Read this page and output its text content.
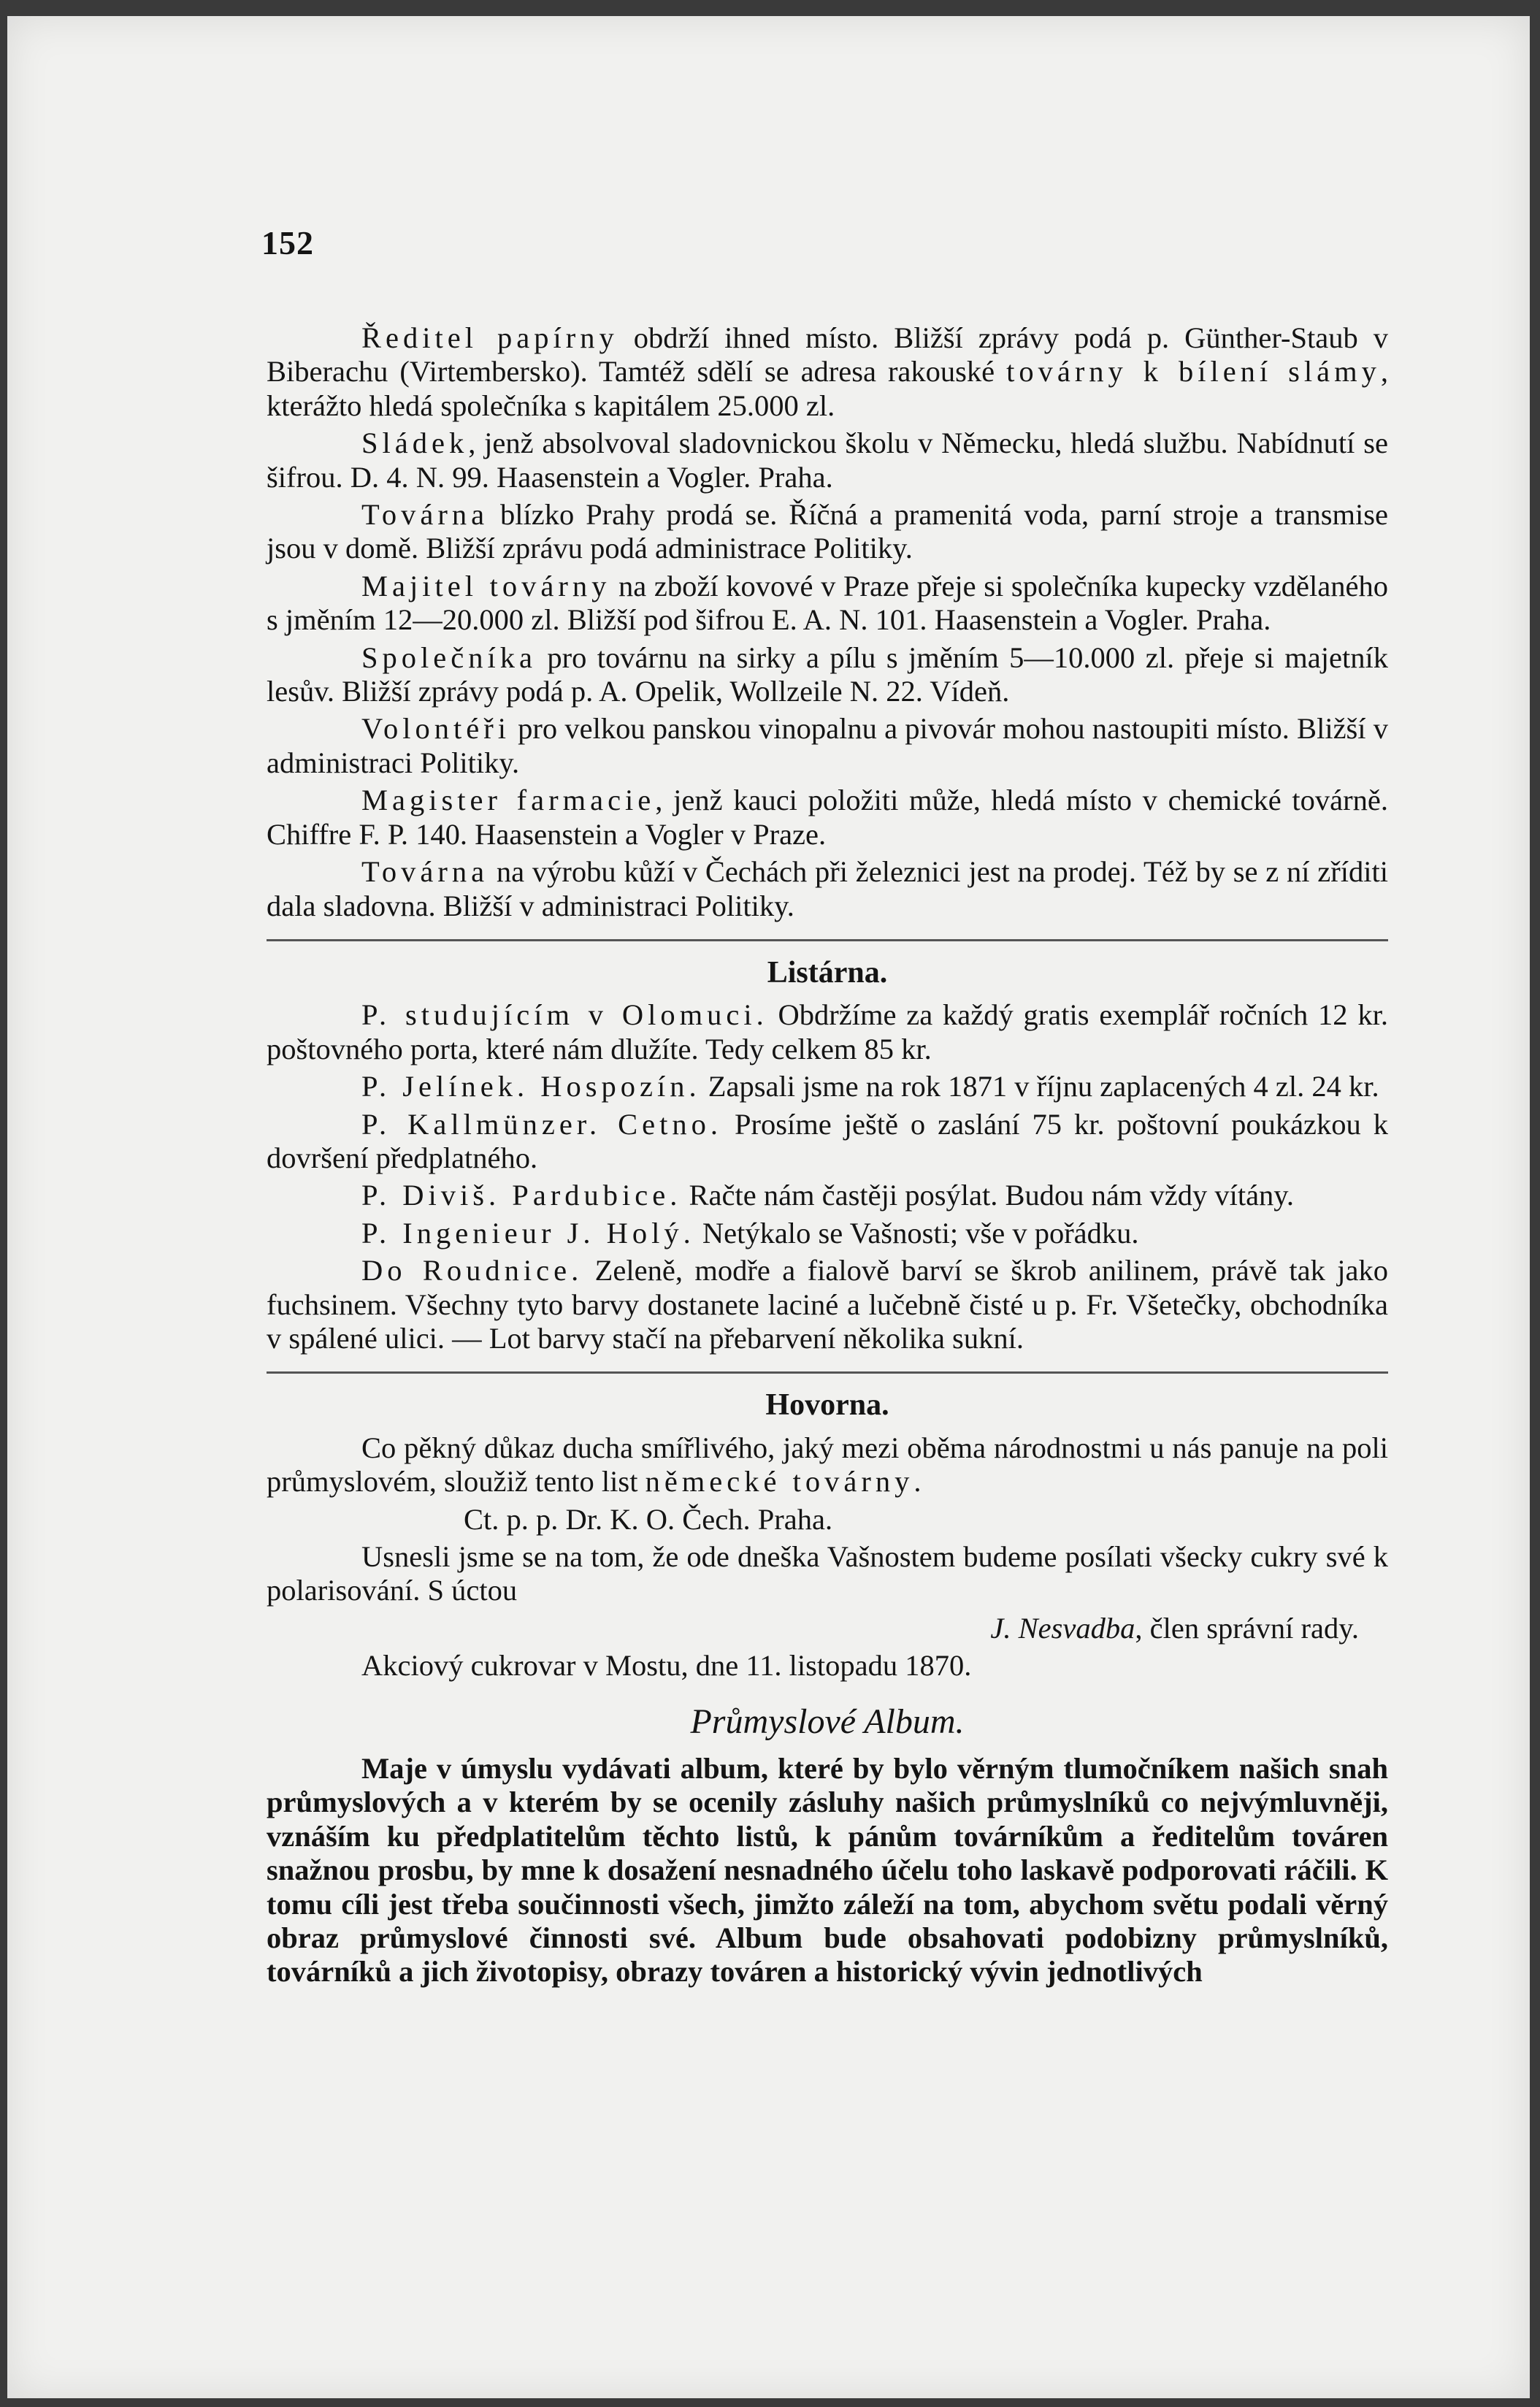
152

Ředitel papírny obdrží ihned místo. Bližší zprávy podá p. Günther-Staub v Biberachu (Virtembersko). Tamtéž sdělí se adresa rakouské továrny k bílení slámy, kterážto hledá společníka s kapitálem 25.000 zl.

Sládek, jenž absolvoval sladovnickou školu v Německu, hledá službu. Nabídnutí se šifrou. D. 4. N. 99. Haasenstein a Vogler. Praha.

Továrna blízko Prahy prodá se. Říčná a pramenitá voda, parní stroje a transmise jsou v domě. Bližší zprávu podá administrace Politiky.

Majitel továrny na zboží kovové v Praze přeje si společníka kupecky vzdělaného s jměním 12—20.000 zl. Bližší pod šifrou E. A. N. 101. Haasenstein a Vogler. Praha.

Společníka pro továrnu na sirky a pílu s jměním 5—10.000 zl. přeje si majetník lesův. Bližší zprávy podá p. A. Opelik, Wollzeile N. 22. Vídeň.

Volontéři pro velkou panskou vinopalnu a pivovár mohou nastoupiti místo. Bližší v administraci Politiky.

Magister farmacie, jenž kauci položiti může, hledá místo v chemické továrně. Chiffre F. P. 140. Haasenstein a Vogler v Praze.

Továrna na výrobu kůží v Čechách při železnici jest na prodej. Též by se z ní zříditi dala sladovna. Bližší v administraci Politiky.

Listárna.

P. studujícím v Olomuci. Obdržíme za každý gratis exemplář ročních 12 kr. poštovného porta, které nám dlužíte. Tedy celkem 85 kr.

P. Jelínek. Hospozín. Zapsali jsme na rok 1871 v říjnu zaplacených 4 zl. 24 kr.

P. Kallmünzer. Cetno. Prosíme ještě o zaslání 75 kr. poštovní poukázkou k dovršení předplatného.

P. Diviš. Pardubice. Račte nám častěji posýlat. Budou nám vždy vítány.

P. Ingenieur J. Holý. Netýkalo se Vašnosti; vše v pořádku.

Do Roudnice. Zeleně, modře a fialově barví se škrob anilinem, právě tak jako fuchsinem. Všechny tyto barvy dostanete laciné a lučebně čisté u p. Fr. Všetečky, obchodníka v spálené ulici. — Lot barvy stačí na přebarvení několika sukní.

Hovorna.

Co pěkný důkaz ducha smířlivého, jaký mezi oběma národnostmi u nás panuje na poli průmyslovém, sloužiž tento list německé továrny.

Ct. p. p. Dr. K. O. Čech. Praha.

Usnesli jsme se na tom, že ode dneška Vašnostem budeme posílati všecky cukry své k polarisování. S úctou

J. Nesvadba, člen správní rady.

Akciový cukrovar v Mostu, dne 11. listopadu 1870.

Průmyslové Album.

Maje v úmyslu vydávati album, které by bylo věrným tlumočníkem našich snah průmyslových a v kterém by se ocenily zásluhy našich průmyslníků co nejvýmluvněji, vznáším ku předplatitelům těchto listů, k pánům továrníkům a ředitelům továren snažnou prosbu, by mne k dosažení nesnadného účelu toho laskavě podporovati ráčili. K tomu cíli jest třeba součinnosti všech, jimžto záleží na tom, abychom světu podali věrný obraz průmyslové činnosti své. Album bude obsahovati podobizny průmyslníků, továrníků a jich životopisy, obrazy továren a historický vývin jednotlivých
